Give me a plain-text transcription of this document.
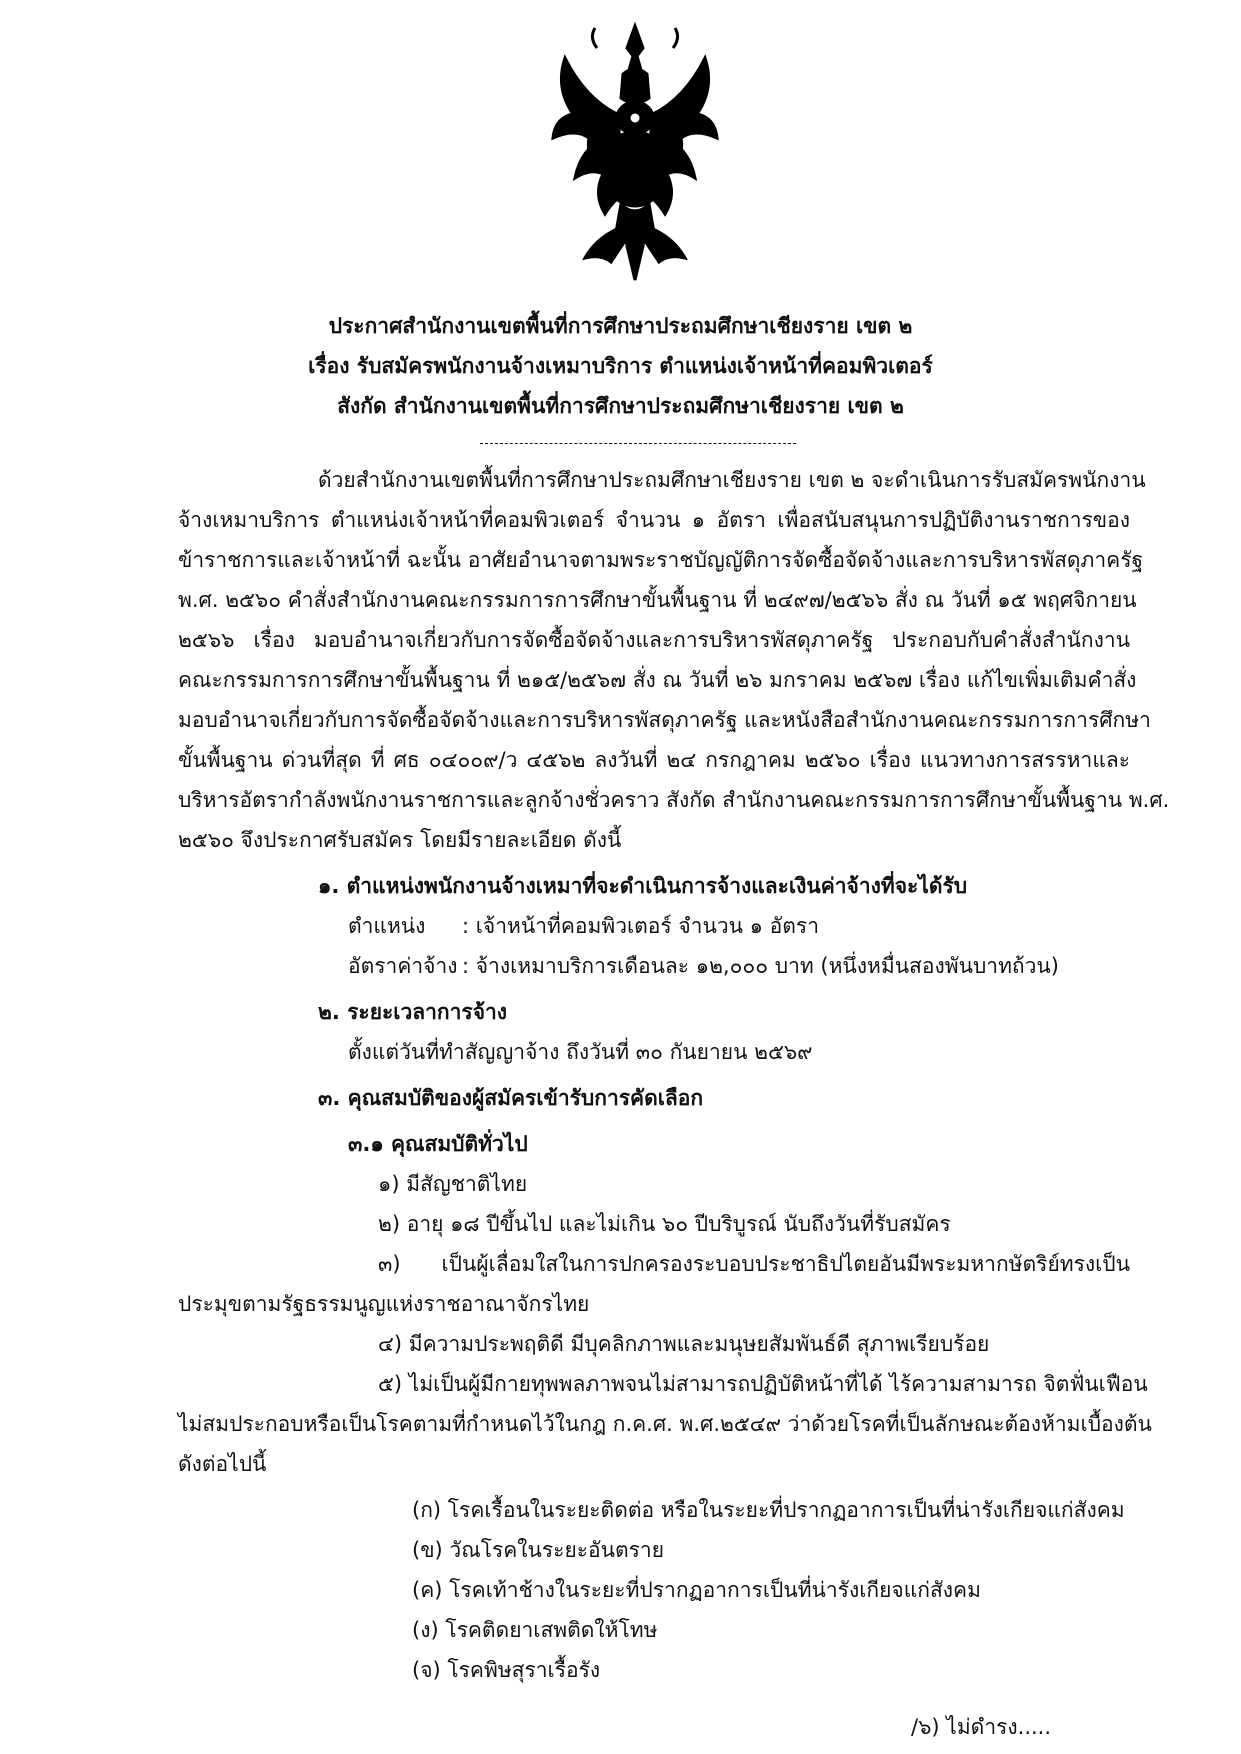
ประกาศสำนักงานเขตพื้นที่การศึกษาประถมศึกษาเชียงราย เขต ๒
เรื่อง รับสมัครพนักงานจ้างเหมาบริการ ตำแหน่งเจ้าหน้าที่คอมพิวเตอร์
สังกัด สำนักงานเขตพื้นที่การศึกษาประถมศึกษาเชียงราย เขต ๒
ด้วยสำนักงานเขตพื้นที่การศึกษาประถมศึกษาเชียงราย เขต ๒ จะดำเนินการรับสมัครพนักงาน
จ้างเหมาบริการ ตำแหน่งเจ้าหน้าที่คอมพิวเตอร์ จำนวน ๑ อัตรา เพื่อสนับสนุนการปฏิบัติงานราชการของ
ข้าราชการและเจ้าหน้าที่ ฉะนั้น อาศัยอำนาจตามพระราชบัญญัติการจัดซื้อจัดจ้างและการบริหารพัสดุภาครัฐ
พ.ศ. ๒๕๖๐ คำสั่งสำนักงานคณะกรรมการการศึกษาขั้นพื้นฐาน ที่ ๒๔๙๗/๒๕๖๖ สั่ง ณ วันที่ ๑๕ พฤศจิกายน
๒๕๖๖ เรื่อง มอบอำนาจเกี่ยวกับการจัดซื้อจัดจ้างและการบริหารพัสดุภาครัฐ ประกอบกับคำสั่งสำนักงาน
คณะกรรมการการศึกษาขั้นพื้นฐาน ที่ ๒๑๕/๒๕๖๗ สั่ง ณ วันที่ ๒๖ มกราคม ๒๕๖๗ เรื่อง แก้ไขเพิ่มเติมคำสั่ง
มอบอำนาจเกี่ยวกับการจัดซื้อจัดจ้างและการบริหารพัสดุภาครัฐ และหนังสือสำนักงานคณะกรรมการการศึกษา
ขั้นพื้นฐาน ด่วนที่สุด ที่ ศธ ๐๔๐๐๙/ว ๔๕๖๒ ลงวันที่ ๒๔ กรกฎาคม ๒๕๖๐ เรื่อง แนวทางการสรรหาและ
บริหารอัตรากำลังพนักงานราชการและลูกจ้างชั่วคราว สังกัด สำนักงานคณะกรรมการการศึกษาขั้นพื้นฐาน พ.ศ.
๒๕๖๐ จึงประกาศรับสมัคร โดยมีรายละเอียด ดังนี้
๑. ตำแหน่งพนักงานจ้างเหมาที่จะดำเนินการจ้างและเงินค่าจ้างที่จะได้รับ
ตำแหน่ง : เจ้าหน้าที่คอมพิวเตอร์ จำนวน ๑ อัตรา
อัตราค่าจ้าง : จ้างเหมาบริการเดือนละ ๑๒,๐๐๐ บาท (หนึ่งหมื่นสองพันบาทถ้วน)
๒. ระยะเวลาการจ้าง
ตั้งแต่วันที่ทำสัญญาจ้าง ถึงวันที่ ๓๐ กันยายน ๒๕๖๙
๓. คุณสมบัติของผู้สมัครเข้ารับการคัดเลือก
๓.๑ คุณสมบัติทั่วไป
๑) มีสัญชาติไทย
๒) อายุ ๑๘ ปีขึ้นไป และไม่เกิน ๖๐ ปีบริบูรณ์ นับถึงวันที่รับสมัคร
๓) เป็นผู้เลื่อมใสในการปกครองระบอบประชาธิปไตยอันมีพระมหากษัตริย์ทรงเป็น
ประมุขตามรัฐธรรมนูญแห่งราชอาณาจักรไทย
๔) มีความประพฤติดี มีบุคลิกภาพและมนุษยสัมพันธ์ดี สุภาพเรียบร้อย
๕) ไม่เป็นผู้มีกายทุพพลภาพจนไม่สามารถปฏิบัติหน้าที่ได้ ไร้ความสามารถ จิตฟั่นเฟือน
ไม่สมประกอบหรือเป็นโรคตามที่กำหนดไว้ในกฎ ก.ค.ศ. พ.ศ.๒๕๔๙ ว่าด้วยโรคที่เป็นลักษณะต้องห้ามเบื้องต้น
ดังต่อไปนี้
(ก) โรคเรื้อนในระยะติดต่อ หรือในระยะที่ปรากฏอาการเป็นที่น่ารังเกียจแก่สังคม
(ข) วัณโรคในระยะอันตราย
(ค) โรคเท้าช้างในระยะที่ปรากฏอาการเป็นที่น่ารังเกียจแก่สังคม
(ง) โรคติดยาเสพติดให้โทษ
(จ) โรคพิษสุราเรื้อรัง
/๖) ไม่ดำรง.....
